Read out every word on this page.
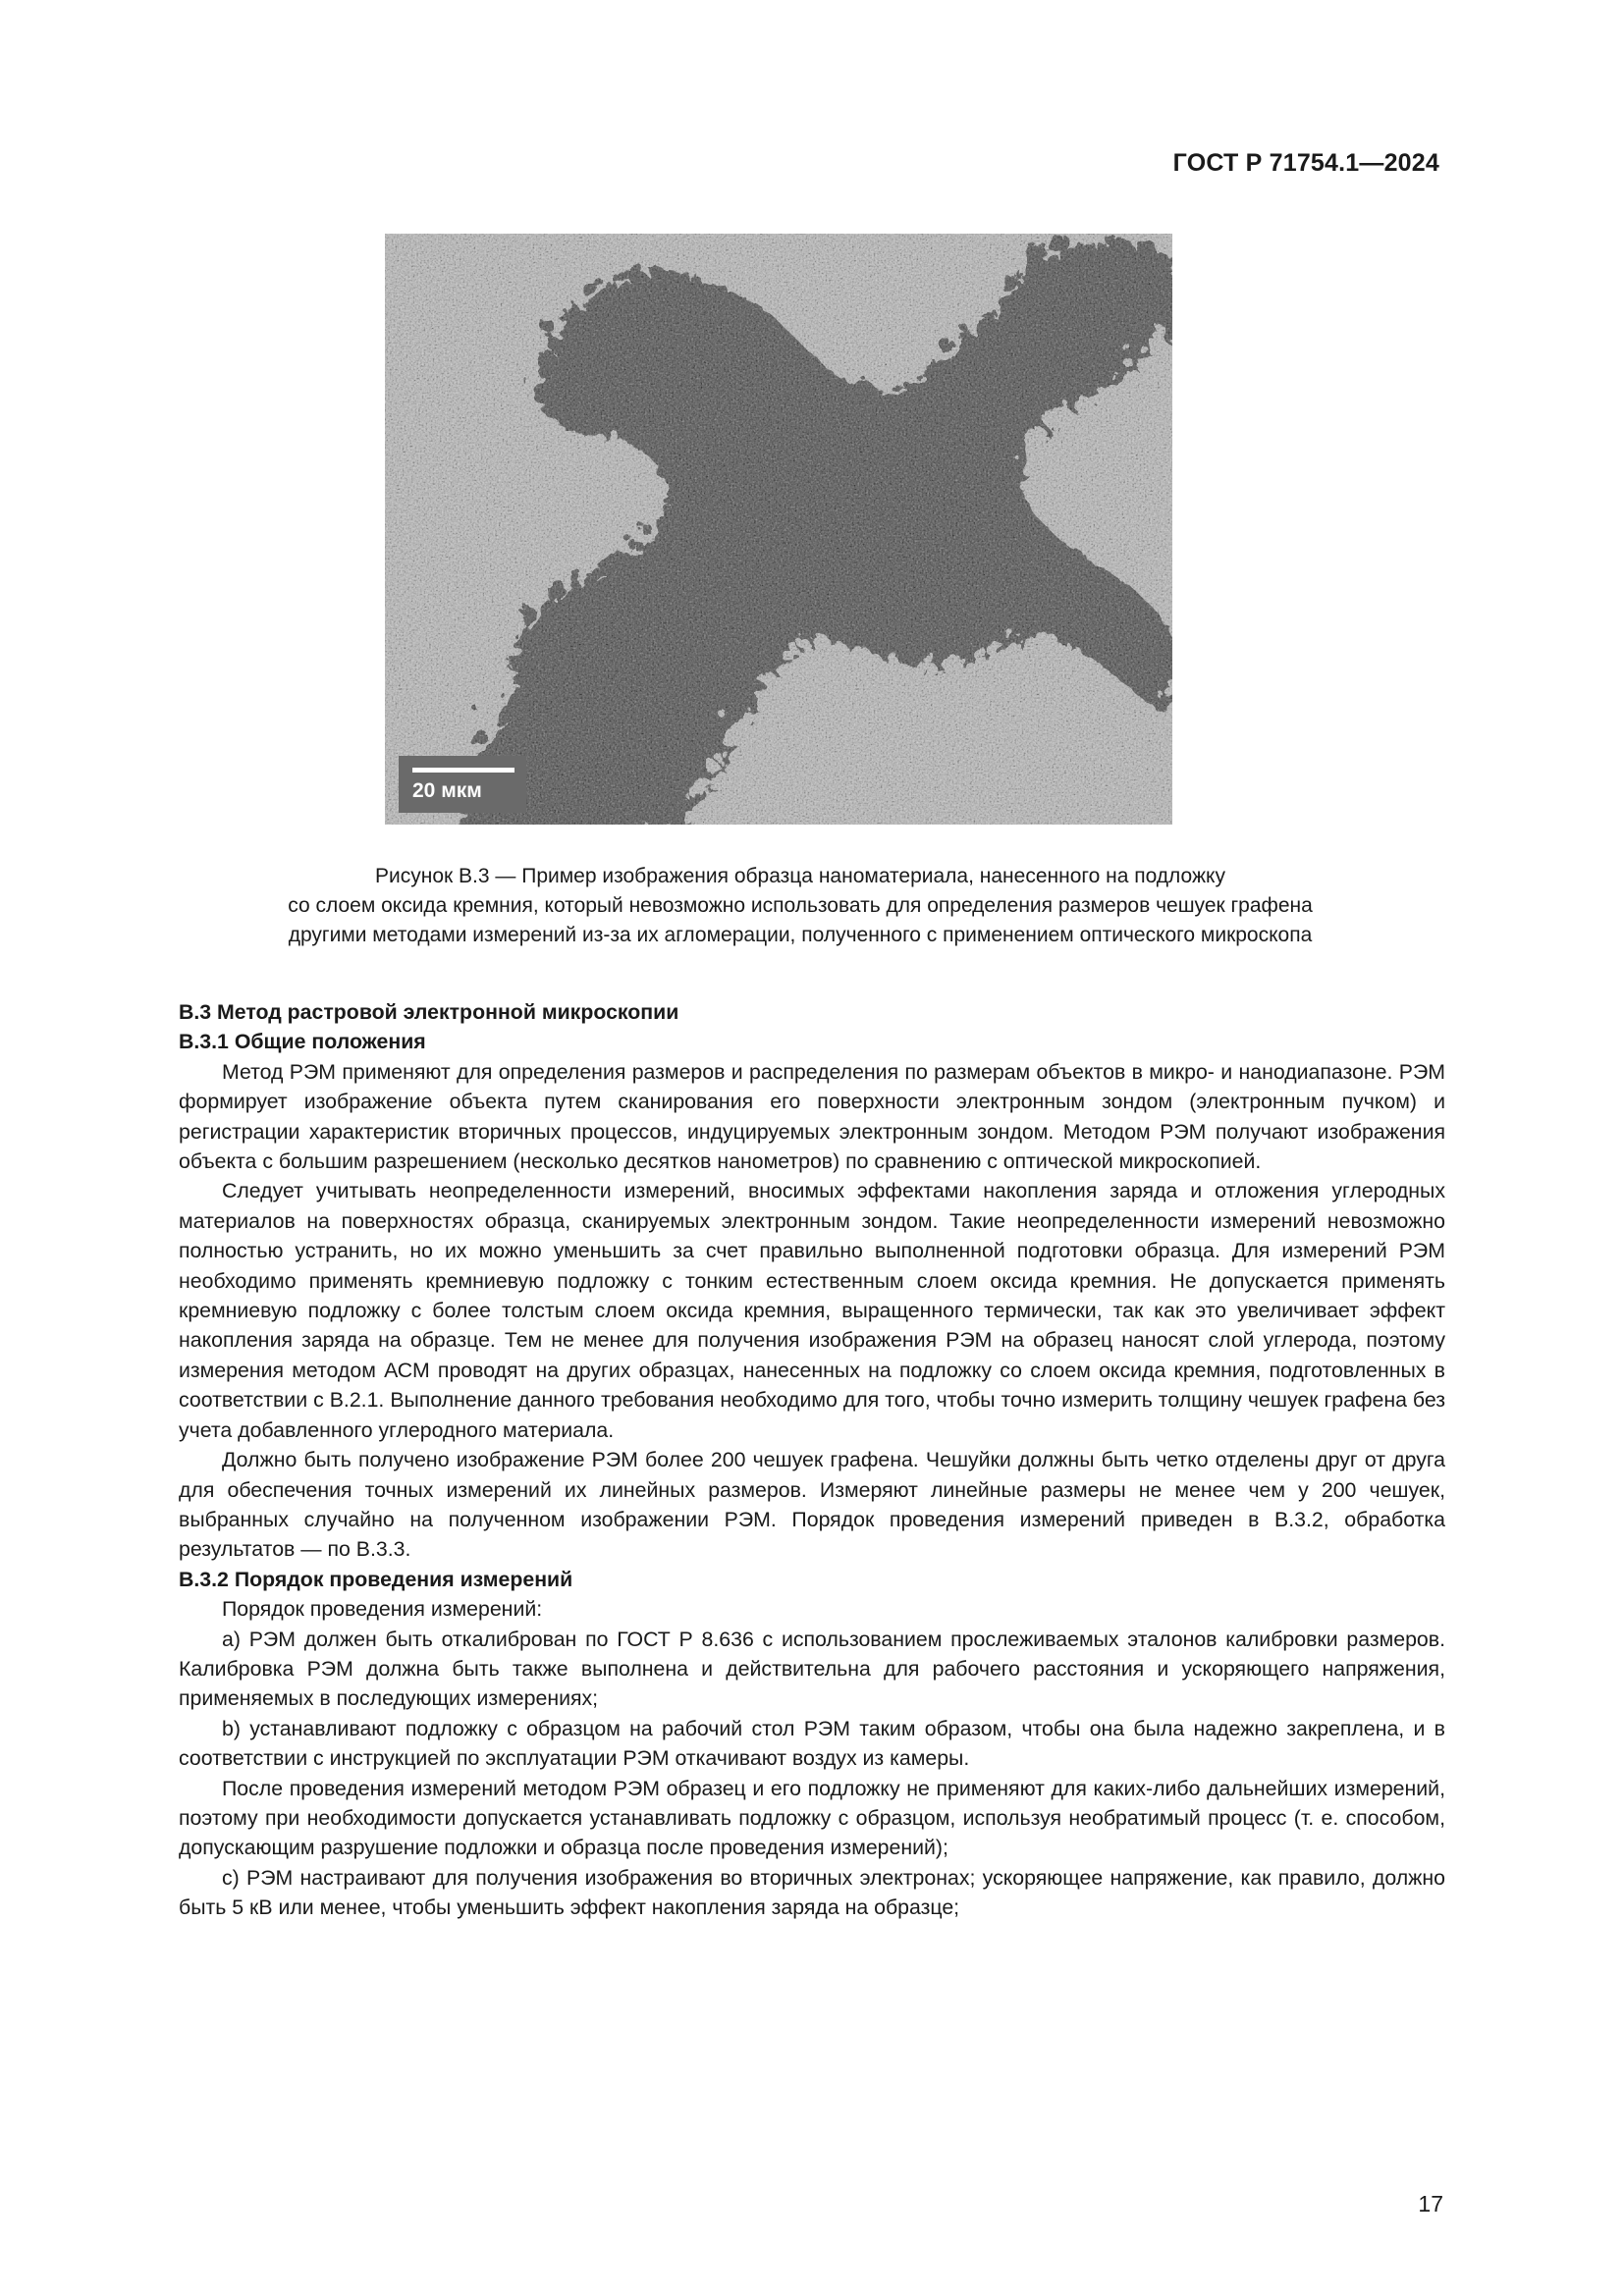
ГОСТ Р 71754.1—2024
20 мкм
Рисунок В.3 — Пример изображения образца наноматериала, нанесенного на подложку
со слоем оксида кремния, который невозможно использовать для определения размеров чешуек графена
другими методами измерений из-за их агломерации, полученного с применением оптического микроскопа

В.3 Метод растровой электронной микроскопии

В.3.1 Общие положения

Метод РЭМ применяют для определения размеров и распределения по размерам объектов в микро- и нанодиапазоне. РЭМ формирует изображение объекта путем сканирования его поверхности электронным зондом (электронным пучком) и регистрации характеристик вторичных процессов, индуцируемых электронным зондом. Методом РЭМ получают изображения объекта с большим разрешением (несколько десятков нанометров) по сравнению с оптической микроскопией.

Следует учитывать неопределенности измерений, вносимых эффектами накопления заряда и отложения углеродных материалов на поверхностях образца, сканируемых электронным зондом. Такие неопределенности измерений невозможно полностью устранить, но их можно уменьшить за счет правильно выполненной подготовки образца. Для измерений РЭМ необходимо применять кремниевую подложку с тонким естественным слоем оксида кремния. Не допускается применять кремниевую подложку с более толстым слоем оксида кремния, выращенного термически, так как это увеличивает эффект накопления заряда на образце. Тем не менее для получения изображения РЭМ на образец наносят слой углерода, поэтому измерения методом АСМ проводят на других образцах, нанесенных на подложку со слоем оксида кремния, подготовленных в соответствии с В.2.1. Выполнение данного требования необходимо для того, чтобы точно измерить толщину чешуек графена без учета добавленного углеродного материала.

Должно быть получено изображение РЭМ более 200 чешуек графена. Чешуйки должны быть четко отделены друг от друга для обеспечения точных измерений их линейных размеров. Измеряют линейные размеры не менее чем у 200 чешуек, выбранных случайно на полученном изображении РЭМ. Порядок проведения измерений приведен в В.3.2, обработка результатов — по В.3.3.

В.3.2 Порядок проведения измерений

Порядок проведения измерений:

а) РЭМ должен быть откалиброван по ГОСТ Р 8.636 с использованием прослеживаемых эталонов калибровки размеров. Калибровка РЭМ должна быть также выполнена и действительна для рабочего расстояния и ускоряющего напряжения, применяемых в последующих измерениях;

b) устанавливают подложку с образцом на рабочий стол РЭМ таким образом, чтобы она была надежно закреплена, и в соответствии с инструкцией по эксплуатации РЭМ откачивают воздух из камеры.

После проведения измерений методом РЭМ образец и его подложку не применяют для каких-либо дальнейших измерений, поэтому при необходимости допускается устанавливать подложку с образцом, используя необратимый процесс (т. е. способом, допускающим разрушение подложки и образца после проведения измерений);

с) РЭМ настраивают для получения изображения во вторичных электронах; ускоряющее напряжение, как правило, должно быть 5 кВ или менее, чтобы уменьшить эффект накопления заряда на образце;

17
